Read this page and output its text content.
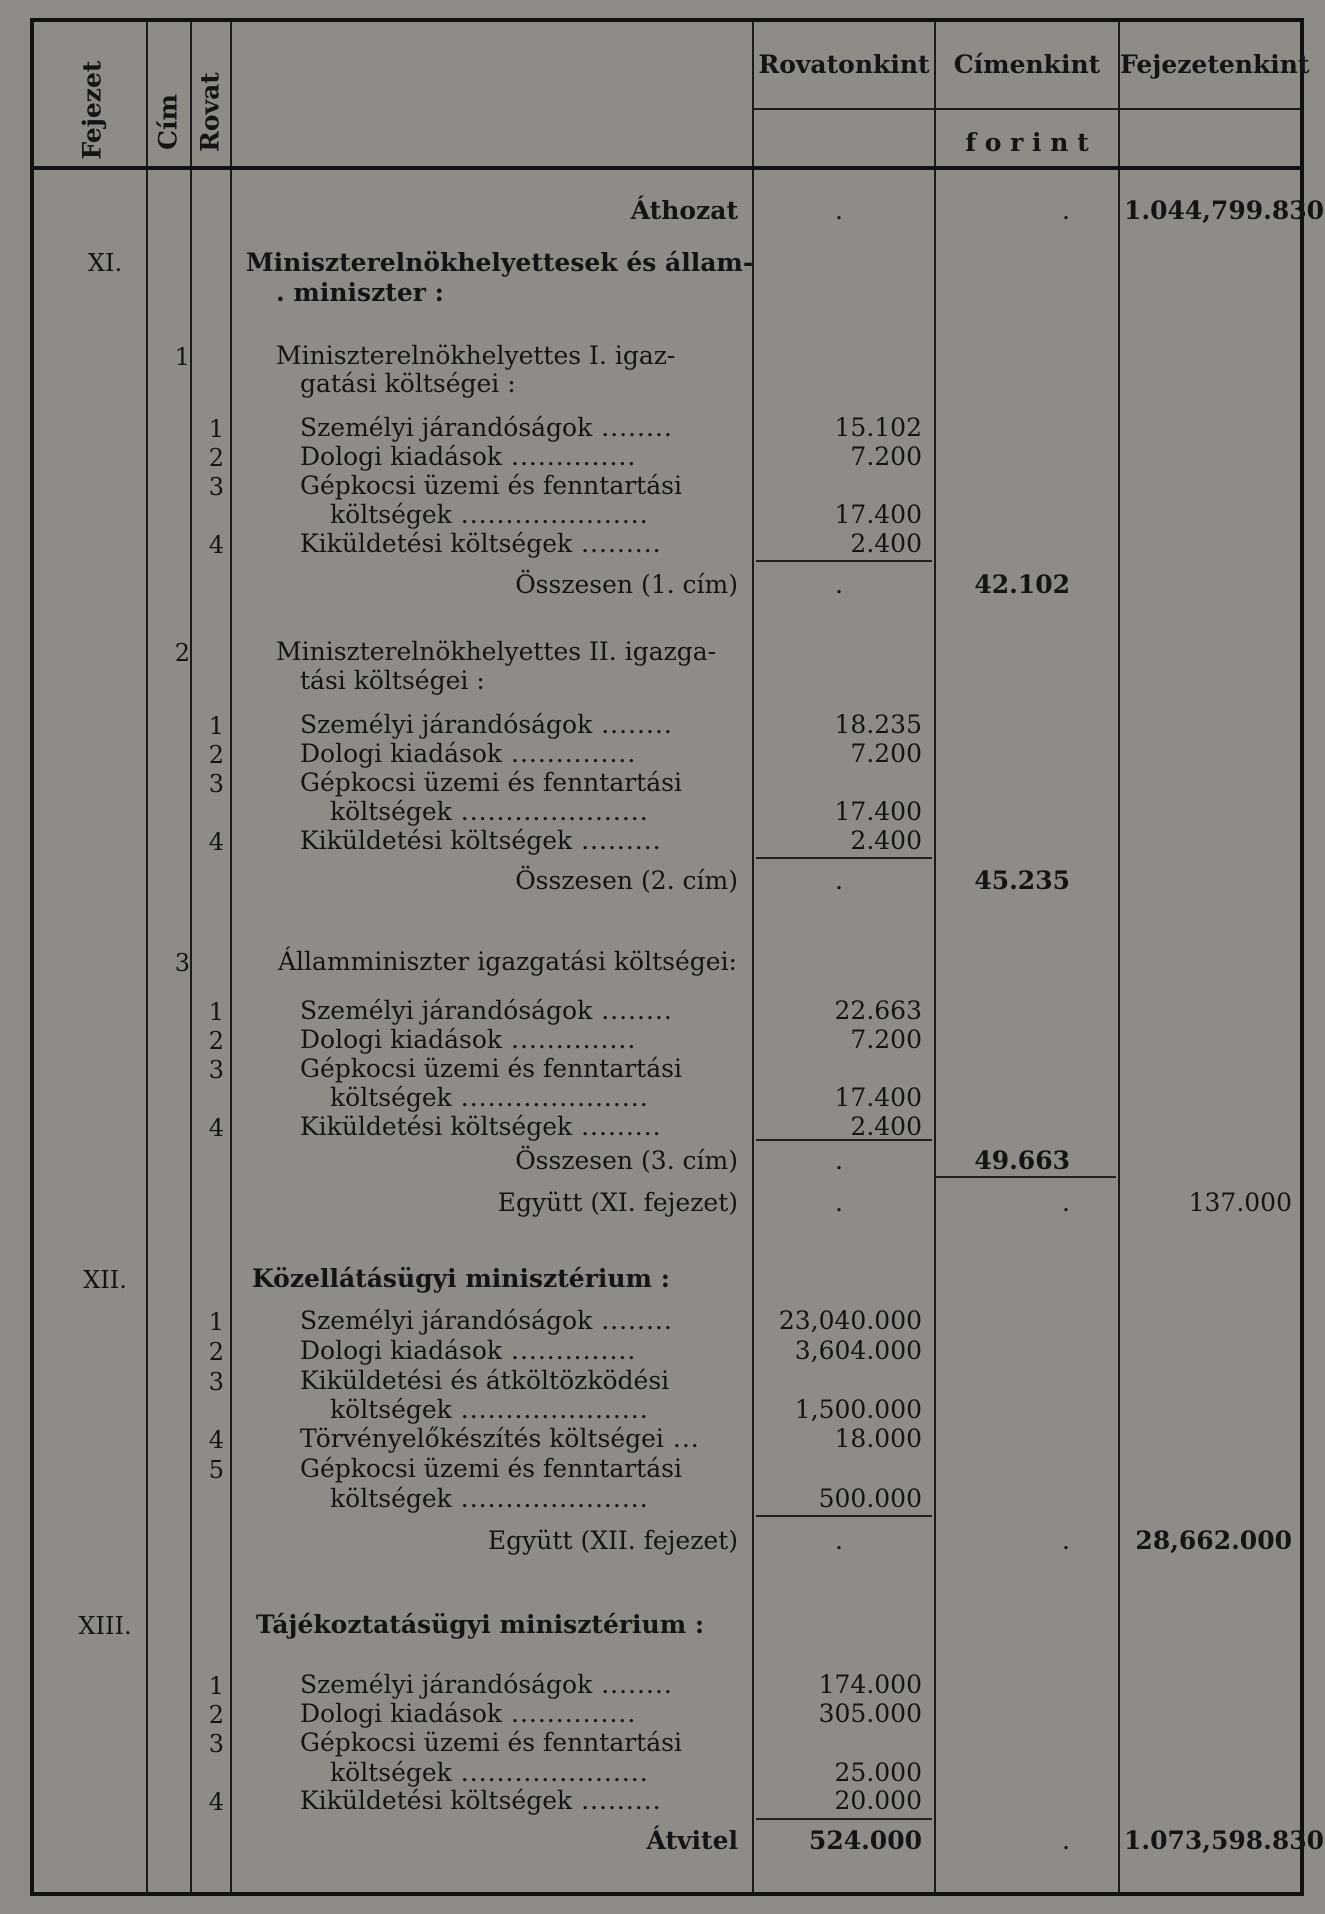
Fejezet Cím Rovat
Rovatonkint Címenkint Fejezetenkint
f o r i n t
Áthozat	.	. 1.044,799.830
XI.	Miniszterelnökhelyettesek és állam-
. miniszter :
1	Miniszterelnökhelyettes I. igaz-
gatási költségei :
1	Személyi járandóságok ........	15.102
2	Dologi kiadások ..............	7.200
3	Gépkocsi üzemi és fenntartási
költségek .....................	17.400
4	Kiküldetési költségek .........	2.400
Összesen (1. cím)	.	42.102
2	Miniszterelnökhelyettes II. igazga-
tási költségei :
1	Személyi járandóságok ........	18.235
2	Dologi kiadások ..............	7.200
3	Gépkocsi üzemi és fenntartási
költségek .....................	17.400
4	Kiküldetési költségek .........	2.400
Összesen (2. cím)	.	45.235
3	Államminiszter igazgatási költségei:
1	Személyi járandóságok ........	22.663
2	Dologi kiadások ..............	7.200
3	Gépkocsi üzemi és fenntartási
költségek .....................	17.400
4	Kiküldetési költségek .........	2.400
Összesen (3. cím)	.	49.663
Együtt (XI. fejezet)	.	.	137.000
XII.	Közellátásügyi minisztérium :
1	Személyi járandóságok ........	23,040.000
2	Dologi kiadások ..............	3,604.000
3	Kiküldetési és átköltözködési
költségek .....................	1,500.000
4	Törvényelőkészítés költségei ...	18.000
5	Gépkocsi üzemi és fenntartási
költségek .....................	500.000
Együtt (XII. fejezet)	.	.	28,662.000
XIII.	Tájékoztatásügyi minisztérium :
1	Személyi járandóságok ........	174.000
2	Dologi kiadások ..............	305.000
3	Gépkocsi üzemi és fenntartási
költségek .....................	25.000
4	Kiküldetési költségek .........	20.000
Átvitel	524.000	. 1.073,598.830
